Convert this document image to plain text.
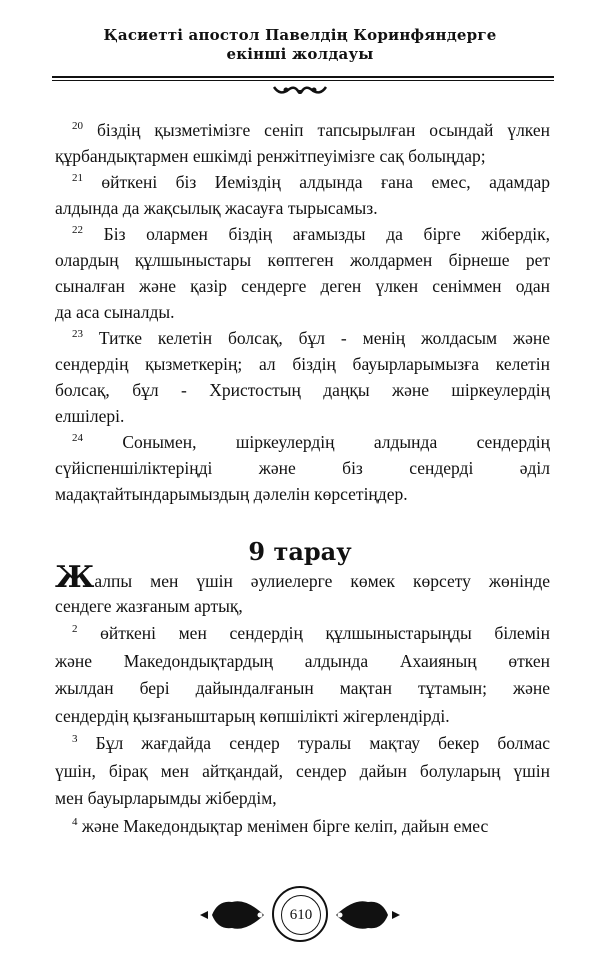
Қасиетті апостол Павелдің Коринфяндерге
екінші жолдауы
$^{20}$ біздің қызметімізге сеніп тапсырылған осындай үлкен
құрбандықтармен ешкімді ренжітпеуімізге сақ болыңдар;
$^{21}$ өйткені біз Иеміздің алдында ғана емес, адамдар
алдында да жақсылық жасауға тырысамыз.
$^{22}$ Біз олармен біздің ағамызды да бірге жібердік,
олардың құлшыныстары көптеген жолдармен бірнеше рет
сыналған және қазір сендерге деген үлкен сеніммен одан
да аса сыналды.
$^{23}$ Титке келетін болсақ, бұл - менің жолдасым және
сендердің қызметкерің; ал біздің бауырларымызға келетін
болсақ, бұл - Христостың даңқы және шіркеулердің
елшілері.
$^{24}$ Сонымен, шіркеулердің алдында сендердің
сүйіспеншіліктеріңді және біз сендерді әділ
мадақтайтындарымыздың дәлелін көрсетіңдер.
Жалпы мен үшін әулиелерге көмек көрсету жөнінде
сендеге жазғаным артық,
$^2$ өйткені мен сендердің құлшыныстарыңды білемін
және Македондықтардың алдында Ахаияның өткен
жылдан бері дайындалғанын мақтан тұтамын; және
сендердің қызғаныштарың көпшілікті жігерлендірді.
$^3$ Бұл жағдайда сендер туралы мақтау бекер болмас
үшін, бірақ мен айтқандай, сендер дайын болуларың үшін
мен бауырларымды жібердім,
$^4$ және Македондықтар менімен бірге келіп, дайын емес
9 тарау
610
